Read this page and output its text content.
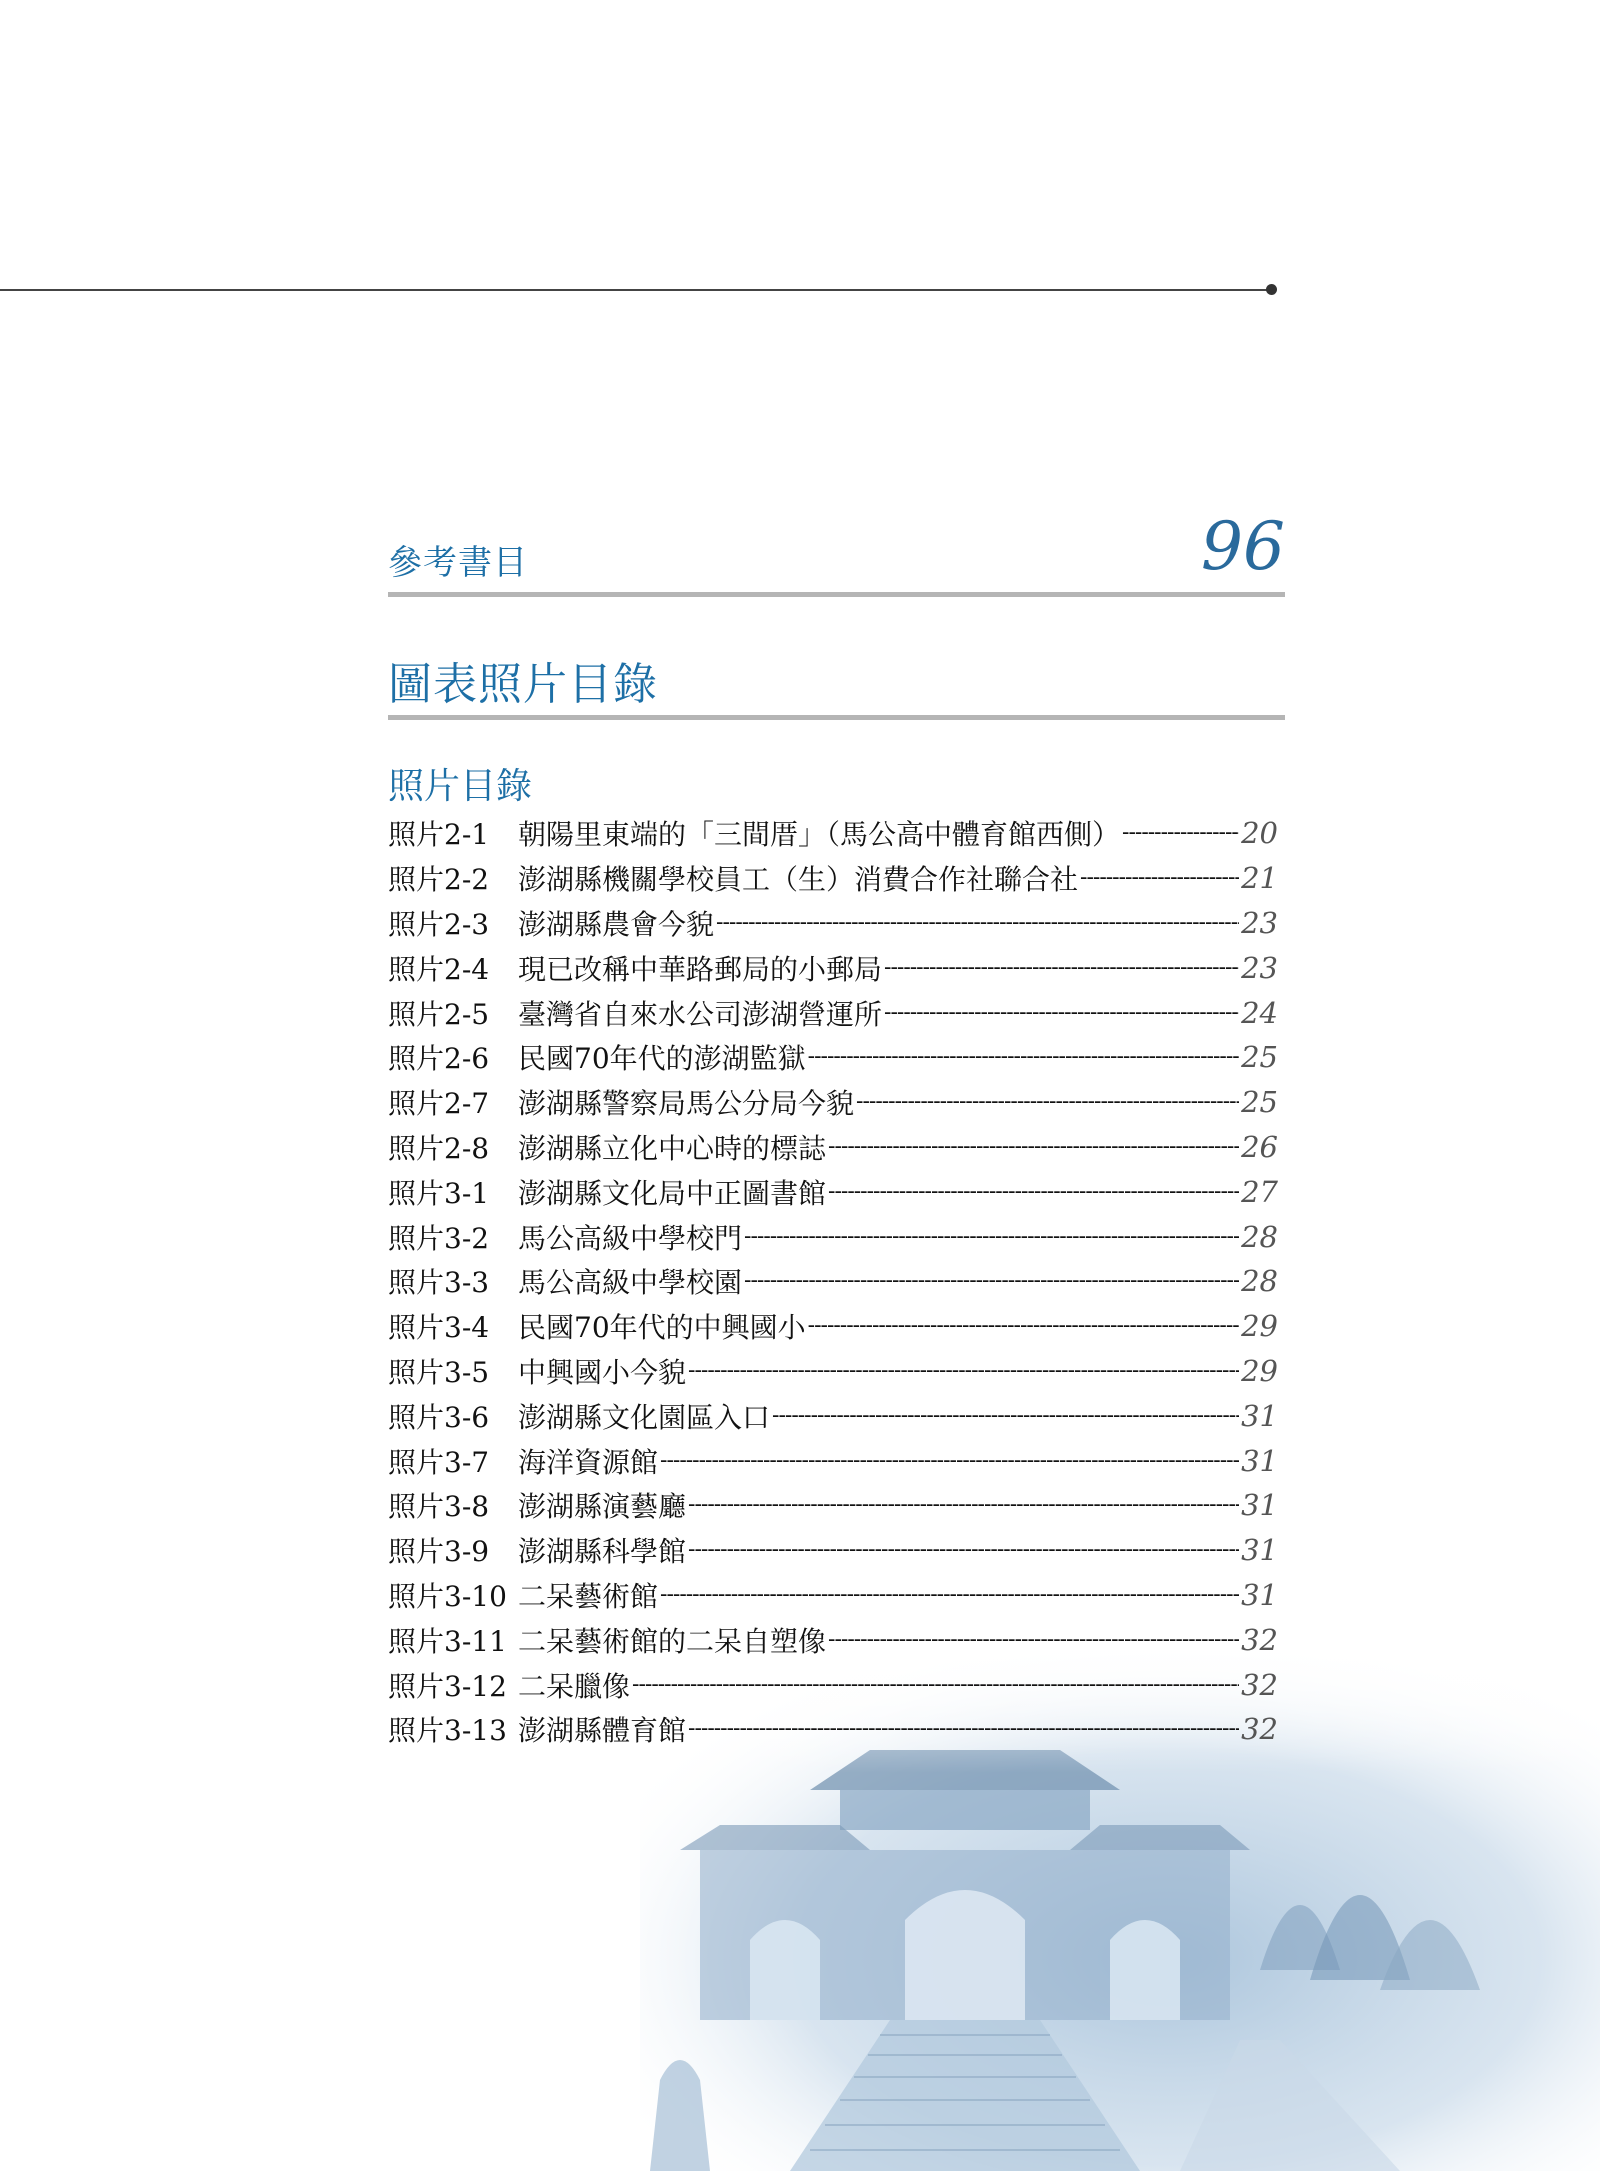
參考書目	96
圖表照片目錄
照片目錄
照片2-1	朝陽里東端的「三間厝」（馬公高中體育館西側） -----	20
照片2-2	澎湖縣機關學校員工（生）消費合作社聯合社 -----	21
照片2-3	澎湖縣農會今貌 -----	23
照片2-4	現已改稱中華路郵局的小郵局 -----	23
照片2-5	臺灣省自來水公司澎湖營運所 -----	24
照片2-6	民國70年代的澎湖監獄 -----	25
照片2-7	澎湖縣警察局馬公分局今貌 -----	25
照片2-8	澎湖縣立化中心時的標誌 -----	26
照片3-1	澎湖縣文化局中正圖書館 -----	27
照片3-2	馬公高級中學校門 -----	28
照片3-3	馬公高級中學校園 -----	28
照片3-4	民國70年代的中興國小 -----	29
照片3-5	中興國小今貌 -----	29
照片3-6	澎湖縣文化園區入口 -----	31
照片3-7	海洋資源館 -----	31
照片3-8	澎湖縣演藝廳 -----	31
照片3-9	澎湖縣科學館 -----	31
照片3-10 二呆藝術館 -----	31
照片3-11 二呆藝術館的二呆自塑像 -----	32
照片3-12 二呆臘像 -----	32
照片3-13 澎湖縣體育館 -----	32
